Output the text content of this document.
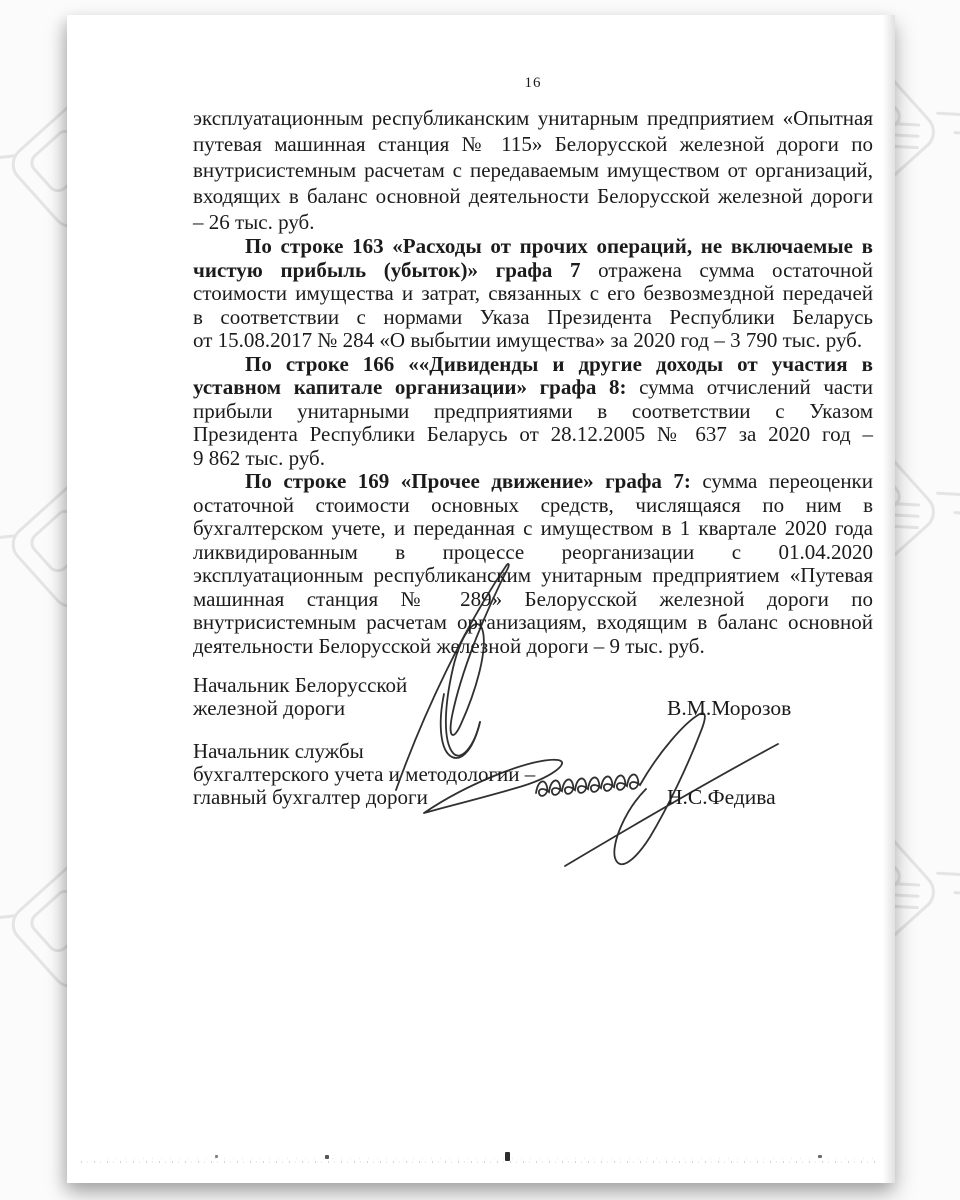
16
эксплуатационным республиканским унитарным предприятием «Опытная
путевая машинная станция № 115» Белорусской железной дороги по
внутрисистемным расчетам с передаваемым имуществом от организаций,
входящих в баланс основной деятельности Белорусской железной дороги
– 26 тыс. руб.
По строке 163 «Расходы от прочих операций, не включаемые в
чистую прибыль (убыток)» графа 7 отражена сумма остаточной
стоимости имущества и затрат, связанных с его безвозмездной передачей
в соответствии с нормами Указа Президента Республики Беларусь
от 15.08.2017 № 284 «О выбытии имущества» за 2020 год – 3 790 тыс. руб.
По строке 166 ««Дивиденды и другие доходы от участия в
уставном капитале организации» графа 8: сумма отчислений части
прибыли унитарными предприятиями в соответствии с Указом
Президента Республики Беларусь от 28.12.2005 № 637 за 2020 год –
9 862 тыс. руб.
По строке 169 «Прочее движение» графа 7: сумма переоценки
остаточной стоимости основных средств, числящаяся по ним в
бухгалтерском учете, и переданная с имуществом в 1 квартале 2020 года
ликвидированным в процессе реорганизации с 01.04.2020
эксплуатационным республиканским унитарным предприятием «Путевая
машинная станция № 289» Белорусской железной дороги по
внутрисистемным расчетам организациям, входящим в баланс основной
деятельности Белорусской железной дороги – 9 тыс. руб.
Начальник Белорусской
железной дороги	В.М.Морозов
Начальник службы
бухгалтерского учета и методологии –
главный бухгалтер дороги	Н.С.Федива
